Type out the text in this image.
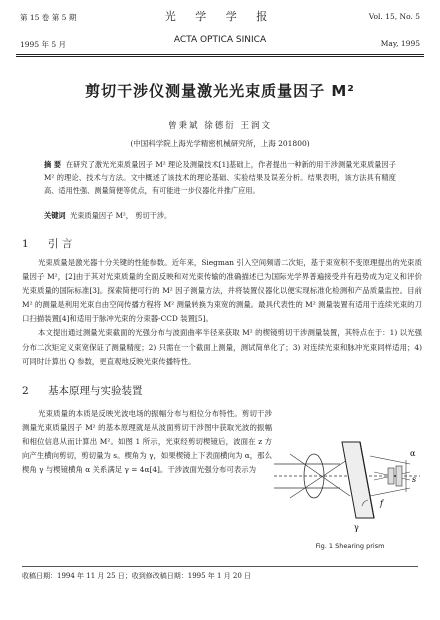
第 15 卷 第 5 期
1995 年 5 月
光 学 学 报
ACTA OPTICA SINICA
Vol. 15, No. 5
May, 1995
剪切干涉仪测量激光光束质量因子 M²
曾秉斌 徐德衍 王润文
(中国科学院上海光学精密机械研究所，上海 201800)
摘 要 在研究了激光光束质量因子 M² 理论及测量技术[1]基础上，作者提出一种新的用干涉测量光束质量因子 M² 的理论、技术与方法。文中概述了该技术的理论基础、实验结果及误差分析。结果表明，该方法具有精度高、适用性强、测量简便等优点，有可能进一步仪器化并推广应用。
关键词 光束质量因子 M²， 剪切干涉。
1 引 言

光束质量是激光器十分关键的性能参数。近年来，Siegman 引入空间频谱二次矩，基于束宽积不变原理提出的光束质量因子 M²，[2]由于其对光束质量的全面反映和对光束传输的准确描述已为国际光学界普遍接受并有趋势成为定义和评价光束质量的国际标准[3]。探索简便可行的 M² 因子测量方法，并将装置仪器化以便实现标准化检测和产品质量监控。目前 M² 的测量是利用光束自由空间传播方程将 M² 测量转换为束宽的测量。最具代表性的 M² 测量装置有适用于连续光束的刀口扫描装置[4]和适用于脉冲光束的分束器-CCD 装置[5]。

本文提出通过测量光束截面的光强分布与波面曲率半径来获取 M² 的楔镜剪切干涉测量装置，其特点在于：1) 以光强分布二次矩定义束宽保证了测量精度；2) 只需在一个截面上测量，测试简单化了；3) 对连续光束和脉冲光束同样适用；4) 可同时计算出 Q 参数，更直观地反映光束传播特性。

2 基本原理与实验装置

光束质量的本质是反映光波电场的振幅分布与相位分布特性。剪切干涉测量光束质量因子 M² 的基本原理就是从波面剪切干涉图中获取光波的振幅和相位信息从而计算出 M²。如图 1 所示，光束经剪切楔镜后，波面在 z 方向产生横向剪切，剪切量为 s。楔角为 γ，如果楔镜上下表面横向为 α，那么楔角 γ 与楔镜横角 α 关系满足 γ = 4α[4]。干涉波面光强分布可表示为

γ
α
s
f
Fig. 1 Shearing prism
收稿日期：1994 年 11 月 25 日；收到修改稿日期：1995 年 1 月 20 日
